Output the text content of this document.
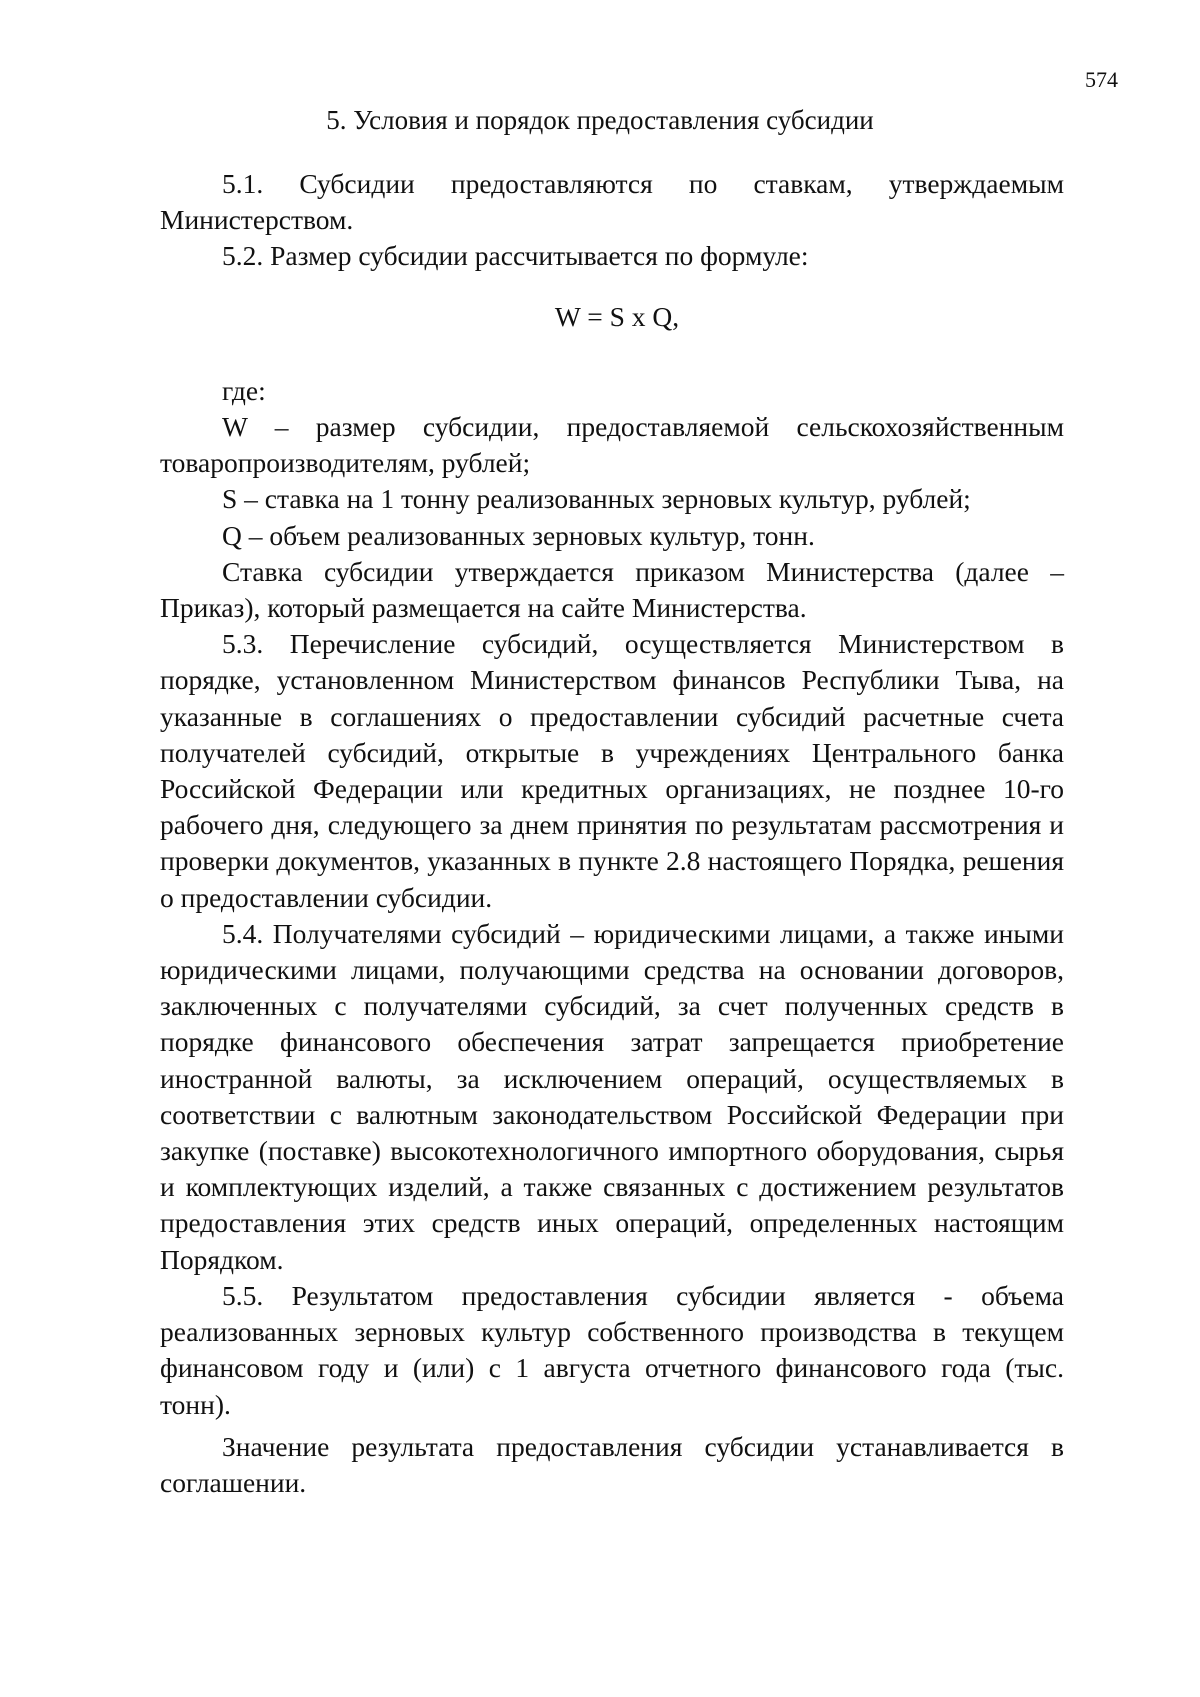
574
5. Условия и порядок предоставления субсидии

5.1. Субсидии предоставляются по ставкам, утверждаемым Министерством.

5.2. Размер субсидии рассчитывается по формуле:

W = S x Q,

где:

W – размер субсидии, предоставляемой сельскохозяйственным товаропроизводителям, рублей;

S – ставка на 1 тонну реализованных зерновых культур, рублей;

Q – объем реализованных зерновых культур, тонн.

Ставка субсидии утверждается приказом Министерства (далее – Приказ), который размещается на сайте Министерства.

5.3. Перечисление субсидий, осуществляется Министерством в порядке, установленном Министерством финансов Республики Тыва, на указанные в соглашениях о предоставлении субсидий расчетные счета получателей субсидий, открытые в учреждениях Центрального банка Российской Федерации или кредитных организациях, не позднее 10-го рабочего дня, следующего за днем принятия по результатам рассмотрения и проверки документов, указанных в пункте 2.8 настоящего Порядка, решения о предоставлении субсидии.

5.4. Получателями субсидий – юридическими лицами, а также иными юридическими лицами, получающими средства на основании договоров, заключенных с получателями субсидий, за счет полученных средств в порядке финансового обеспечения затрат запрещается приобретение иностранной валюты, за исключением операций, осуществляемых в соответствии с валютным законодательством Российской Федерации при закупке (поставке) высокотехнологичного импортного оборудования, сырья и комплектующих изделий, а также связанных с достижением результатов предоставления этих средств иных операций, определенных настоящим Порядком.

5.5. Результатом предоставления субсидии является - объема реализованных зерновых культур собственного производства в текущем финансовом году и (или) с 1 августа отчетного финансового года (тыс. тонн).

Значение результата предоставления субсидии устанавливается в соглашении.
